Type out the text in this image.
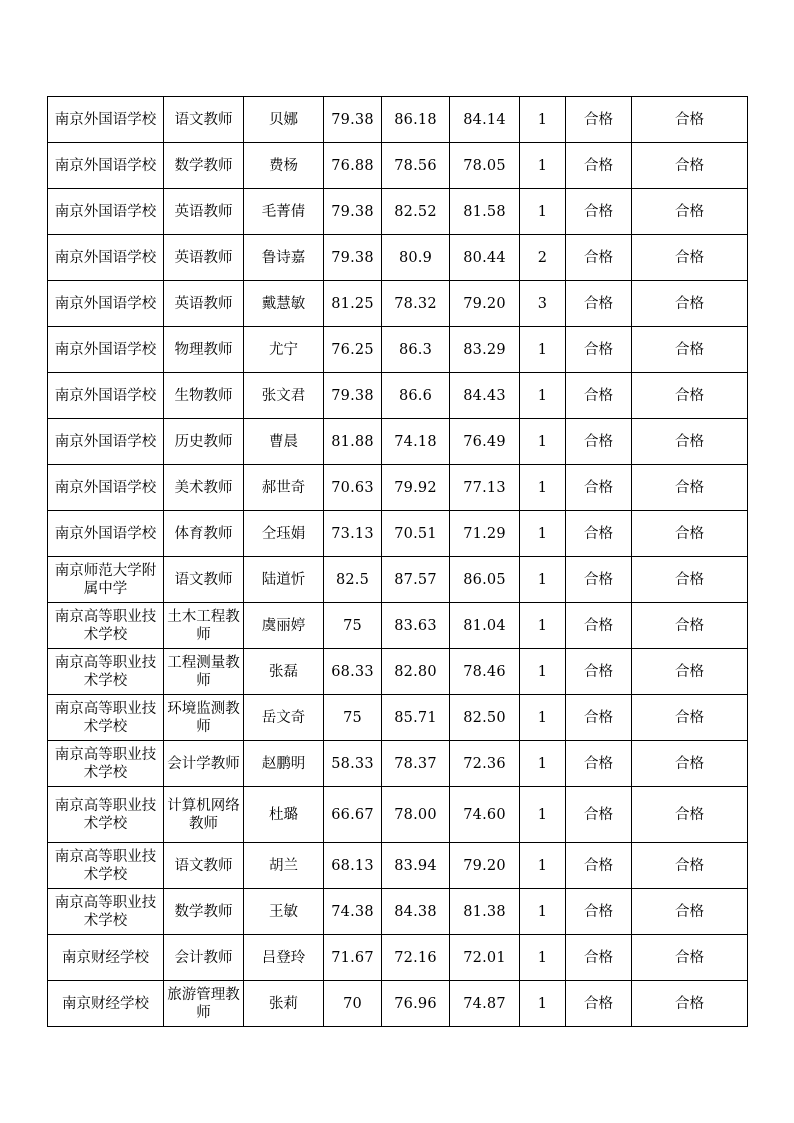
南京外国语学校	语文教师	贝娜	79.38	86.18	84.14	1	合格	合格
南京外国语学校	数学教师	费杨	76.88	78.56	78.05	1	合格	合格
南京外国语学校	英语教师	毛菁倩	79.38	82.52	81.58	1	合格	合格
南京外国语学校	英语教师	鲁诗嘉	79.38	80.9	80.44	2	合格	合格
南京外国语学校	英语教师	戴慧敏	81.25	78.32	79.20	3	合格	合格
南京外国语学校	物理教师	尤宁	76.25	86.3	83.29	1	合格	合格
南京外国语学校	生物教师	张文君	79.38	86.6	84.43	1	合格	合格
南京外国语学校	历史教师	曹晨	81.88	74.18	76.49	1	合格	合格
南京外国语学校	美术教师	郝世奇	70.63	79.92	77.13	1	合格	合格
南京外国语学校	体育教师	仝珏娟	73.13	70.51	71.29	1	合格	合格
南京师范大学附属中学	语文教师	陆道忻	82.5	87.57	86.05	1	合格	合格
南京高等职业技术学校	土木工程教师	虞丽婷	75	83.63	81.04	1	合格	合格
南京高等职业技术学校	工程测量教师	张磊	68.33	82.80	78.46	1	合格	合格
南京高等职业技术学校	环境监测教师	岳文奇	75	85.71	82.50	1	合格	合格
南京高等职业技术学校	会计学教师	赵鹏明	58.33	78.37	72.36	1	合格	合格
南京高等职业技术学校	计算机网络教师	杜璐	66.67	78.00	74.60	1	合格	合格
南京高等职业技术学校	语文教师	胡兰	68.13	83.94	79.20	1	合格	合格
南京高等职业技术学校	数学教师	王敏	74.38	84.38	81.38	1	合格	合格
南京财经学校	会计教师	吕登玲	71.67	72.16	72.01	1	合格	合格
南京财经学校	旅游管理教师	张莉	70	76.96	74.87	1	合格	合格
